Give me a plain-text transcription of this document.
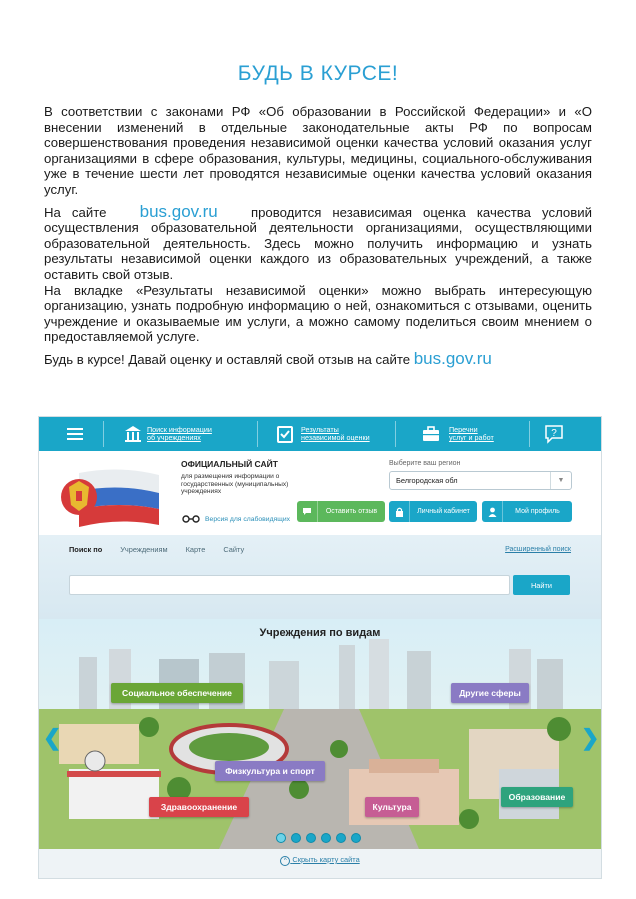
БУДЬ В КУРСЕ!

В соответствии с законами РФ «Об образовании в Российской Федерации» и «О внесении изменений в отдельные законодательные акты РФ по вопросам совершенствования проведения независимой оценки качества условий оказания услуг организациями в сфере образования, культуры, медицины, социального-обслуживания уже в течение шести лет проводятся независимые оценки качества условий оказания услуг.

На сайте bus.gov.ru	проводится независимая оценка качества условий осуществления образовательной деятельности организациями, осуществляющими образовательной деятельность. Здесь можно получить информацию и узнать результаты независимой оценки каждого из образовательных учреждений, а также оставить свой отзыв.

На вкладке «Результаты независимой оценки» можно выбрать интересующую организацию, узнать подробную информацию о ней, ознакомиться с отзывами, оценить учреждение и оказываемые им услуги, а можно самому поделиться своим мнением о предоставляемой услуге.

Будь в курсе! Давай оценку и оставляй свой отзыв на сайте bus.gov.ru

Поиск информации
об учреждениях
Результаты
независимой оценки
Перечни
услуг и работ	?
ОФИЦИАЛЬНЫЙ САЙТ
для размещения информации о государственных (муниципальных) учреждениях
Версия для слабовидящих
Выберите ваш регион
Белгородская обл	▼
Оставить отзыв	Личный кабинет	Мой профиль
Поиск по Учреждениям Карте Сайту	Расширенный поиск
Найти
Учреждения по видам
Социальное обеспечение	Другие сферы
Физкультура и спорт
Здравоохранение	Культура
Образование
❮	❯
^ Скрыть карту сайта
